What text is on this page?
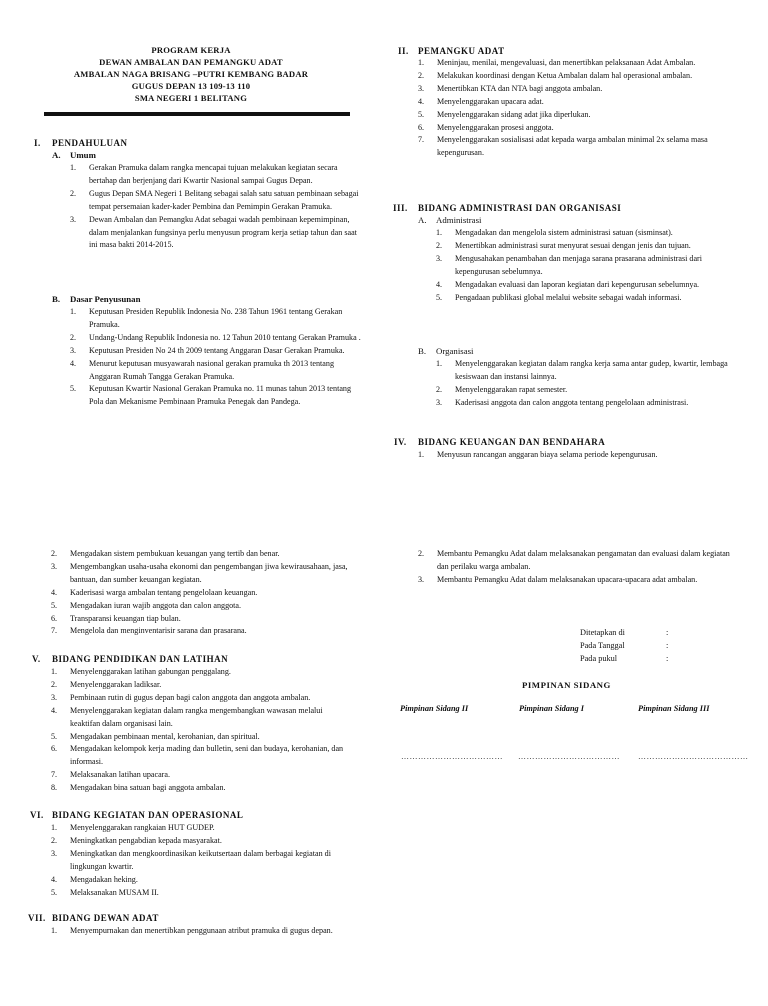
PROGRAM KERJA
DEWAN AMBALAN DAN PEMANGKU ADAT
AMBALAN NAGA BRISANG –PUTRI KEMBANG BADAR
GUGUS DEPAN 13 109-13 110
SMA NEGERI 1 BELITANG
I. PENDAHULUAN
A. Umum
1. Gerakan Pramuka dalam rangka mencapai tujuan melakukan kegiatan secara bertahap dan berjenjang dari Kwartir Nasional sampai Gugus Depan.
2. Gugus Depan SMA Negeri 1 Belitang sebagai salah satu satuan pembinaan sebagai tempat persemaian kader-kader Pembina dan Pemimpin Gerakan Pramuka.
3. Dewan Ambalan dan Pemangku Adat sebagai wadah pembinaan kepemimpinan, dalam menjalankan fungsinya perlu menyusun program kerja setiap tahun dan saat ini masa bakti 2014-2015.
B. Dasar Penyusunan
1. Keputusan Presiden Republik Indonesia No. 238 Tahun 1961 tentang Gerakan Pramuka.
2. Undang-Undang Republik Indonesia no. 12 Tahun 2010 tentang Gerakan Pramuka .
3. Keputusan Presiden No 24 th 2009 tentang Anggaran Dasar Gerakan Pramuka.
4. Menurut keputusan musyawarah nasional gerakan pramuka th 2013 tentang Anggaran Rumah Tangga Gerakan Pramuka.
5. Keputusan Kwartir Nasional Gerakan Pramuka no. 11 munas tahun 2013 tentang Pola dan Mekanisme Pembinaan Pramuka Penegak dan Pandega.
II. PEMANGKU ADAT
1. Meninjau, menilai, mengevaluasi, dan menertibkan pelaksanaan Adat Ambalan.
2. Melakukan koordinasi dengan Ketua Ambalan dalam hal operasional ambalan.
3. Menertibkan KTA dan NTA bagi anggota ambalan.
4. Menyelenggarakan upacara adat.
5. Menyelenggarakan sidang adat jika diperlukan.
6. Menyelenggarakan prosesi anggota.
7. Menyelenggarakan sosialisasi adat kepada warga ambalan minimal 2x selama masa kepengurusan.
III. BIDANG ADMINISTRASI DAN ORGANISASI
A. Administrasi
1. Mengadakan dan mengelola sistem administrasi satuan (sisminsat).
2. Menertibkan administrasi surat menyurat sesuai dengan jenis dan tujuan.
3. Mengusahakan penambahan dan menjaga sarana prasarana administrasi dari kepengurusan sebelumnya.
4. Mengadakan evaluasi dan laporan kegiatan dari kepengurusan sebelumnya.
5. Pengadaan publikasi global melalui website sebagai wadah informasi.
B. Organisasi
1. Menyelenggarakan kegiatan dalam rangka kerja sama antar gudep, kwartir, lembaga kesiswaan dan instansi lainnya.
2. Menyelenggarakan rapat semester.
3. Kaderisasi anggota dan calon anggota tentang pengelolaan administrasi.
IV. BIDANG KEUANGAN DAN BENDAHARA
1. Menyusun rancangan anggaran biaya selama periode kepengurusan.
2. Mengadakan sistem pembukuan keuangan yang tertib dan benar.
3. Mengembangkan usaha-usaha ekonomi dan pengembangan jiwa kewirausahaan, jasa, bantuan, dan sumber keuangan kegiatan.
4. Kaderisasi warga ambalan tentang pengelolaan keuangan.
5. Mengadakan iuran wajib anggota dan calon anggota.
6. Transparansi keuangan tiap bulan.
7. Mengelola dan menginventarisir sarana dan prasarana.
V. BIDANG PENDIDIKAN DAN LATIHAN
1. Menyelenggarakan latihan gabungan penggalang.
2. Menyelenggarakan ladiksar.
3. Pembinaan rutin di gugus depan bagi calon anggota dan anggota ambalan.
4. Menyelenggarakan kegiatan dalam rangka mengembangkan wawasan melalui keaktifan dalam organisasi lain.
5. Mengadakan pembinaan mental, kerohanian, dan spiritual.
6. Mengadakan kelompok kerja mading dan bulletin, seni dan budaya, kerohanian, dan informasi.
7. Melaksanakan latihan upacara.
8. Mengadakan bina satuan bagi anggota ambalan.
VI. BIDANG KEGIATAN DAN OPERASIONAL
1. Menyelenggarakan rangkaian HUT GUDEP.
2. Meningkatkan pengabdian kepada masyarakat.
3. Meningkatkan dan mengkoordinasikan keikutsertaan dalam berbagai kegiatan di lingkungan kwartir.
4. Mengadakan heking.
5. Melaksanakan MUSAM II.
VII. BIDANG DEWAN ADAT
1. Menyempurnakan dan menertibkan penggunaan atribut pramuka di gugus depan.
2. Membantu Pemangku Adat dalam melaksanakan pengamatan dan evaluasi dalam kegiatan dan perilaku warga ambalan.
3. Membantu Pemangku Adat dalam melaksanakan upacara-upacara adat ambalan.
Ditetapkan di	:
Pada Tanggal	:
Pada pukul	:
PIMPINAN SIDANG
Pimpinan Sidang II	Pimpinan Sidang I	Pimpinan Sidang III
……………………………… ……………………………… …………………………………
